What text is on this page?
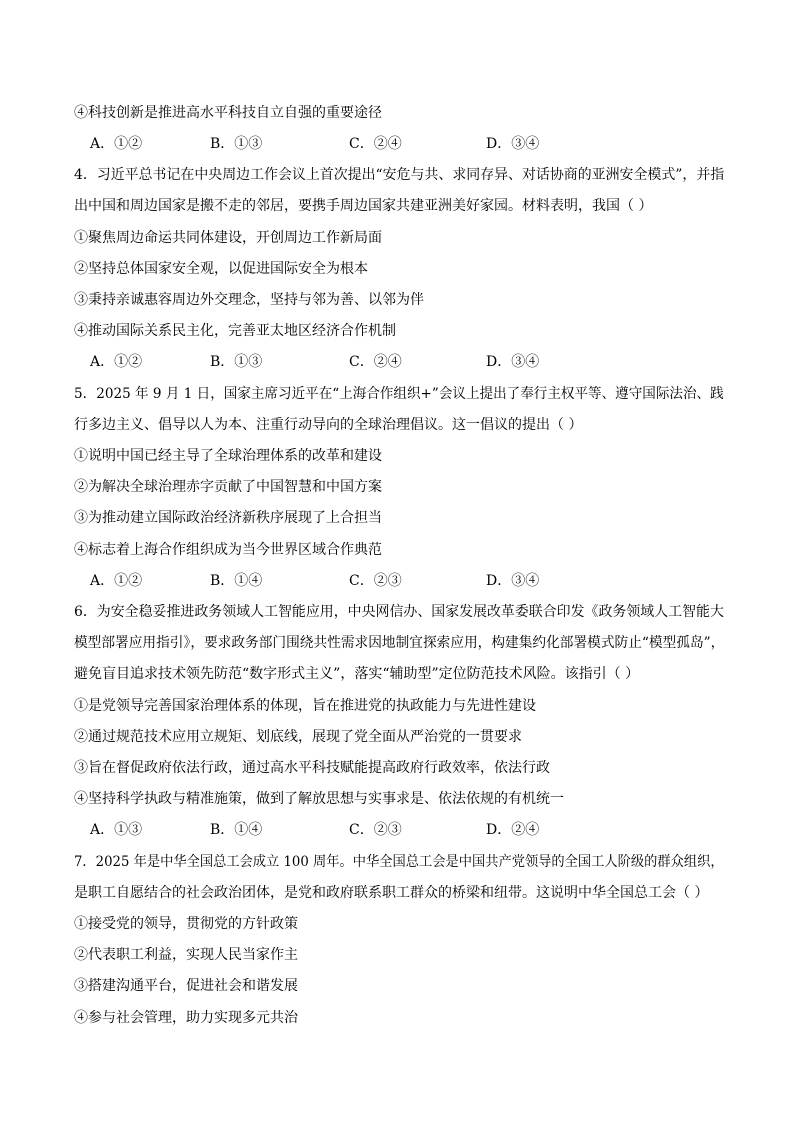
④科技创新是推进高水平科技自立自强的重要途径
A．①②	B．①③	C．②④	D．③④
4．习近平总书记在中央周边工作会议上首次提出“安危与共、求同存异、对话协商的亚洲安全模式”，并指
出中国和周边国家是搬不走的邻居，要携手周边国家共建亚洲美好家园。材料表明，我国（ ）
①聚焦周边命运共同体建设，开创周边工作新局面
②坚持总体国家安全观，以促进国际安全为根本
③秉持亲诚惠容周边外交理念，坚持与邻为善、以邻为伴
④推动国际关系民主化，完善亚太地区经济合作机制
A．①②	B．①③	C．②④	D．③④
5．2025 年 9 月 1 日，国家主席习近平在“上海合作组织+”会议上提出了奉行主权平等、遵守国际法治、践
行多边主义、倡导以人为本、注重行动导向的全球治理倡议。这一倡议的提出（ ）
①说明中国已经主导了全球治理体系的改革和建设
②为解决全球治理赤字贡献了中国智慧和中国方案
③为推动建立国际政治经济新秩序展现了上合担当
④标志着上海合作组织成为当今世界区域合作典范
A．①②	B．①④	C．②③	D．③④
6．为安全稳妥推进政务领域人工智能应用，中央网信办、国家发展改革委联合印发《政务领域人工智能大
模型部署应用指引》，要求政务部门围绕共性需求因地制宜探索应用，构建集约化部署模式防止“模型孤岛”，
避免盲目追求技术领先防范“数字形式主义”，落实“辅助型”定位防范技术风险。该指引（ ）
①是党领导完善国家治理体系的体现，旨在推进党的执政能力与先进性建设
②通过规范技术应用立规矩、划底线，展现了党全面从严治党的一贯要求
③旨在督促政府依法行政，通过高水平科技赋能提高政府行政效率，依法行政
④坚持科学执政与精准施策，做到了解放思想与实事求是、依法依规的有机统一
A．①③	B．①④	C．②③	D．②④
7．2025 年是中华全国总工会成立 100 周年。中华全国总工会是中国共产党领导的全国工人阶级的群众组织，
是职工自愿结合的社会政治团体，是党和政府联系职工群众的桥梁和纽带。这说明中华全国总工会（ ）
①接受党的领导，贯彻党的方针政策
②代表职工利益，实现人民当家作主
③搭建沟通平台，促进社会和谐发展
④参与社会管理，助力实现多元共治
